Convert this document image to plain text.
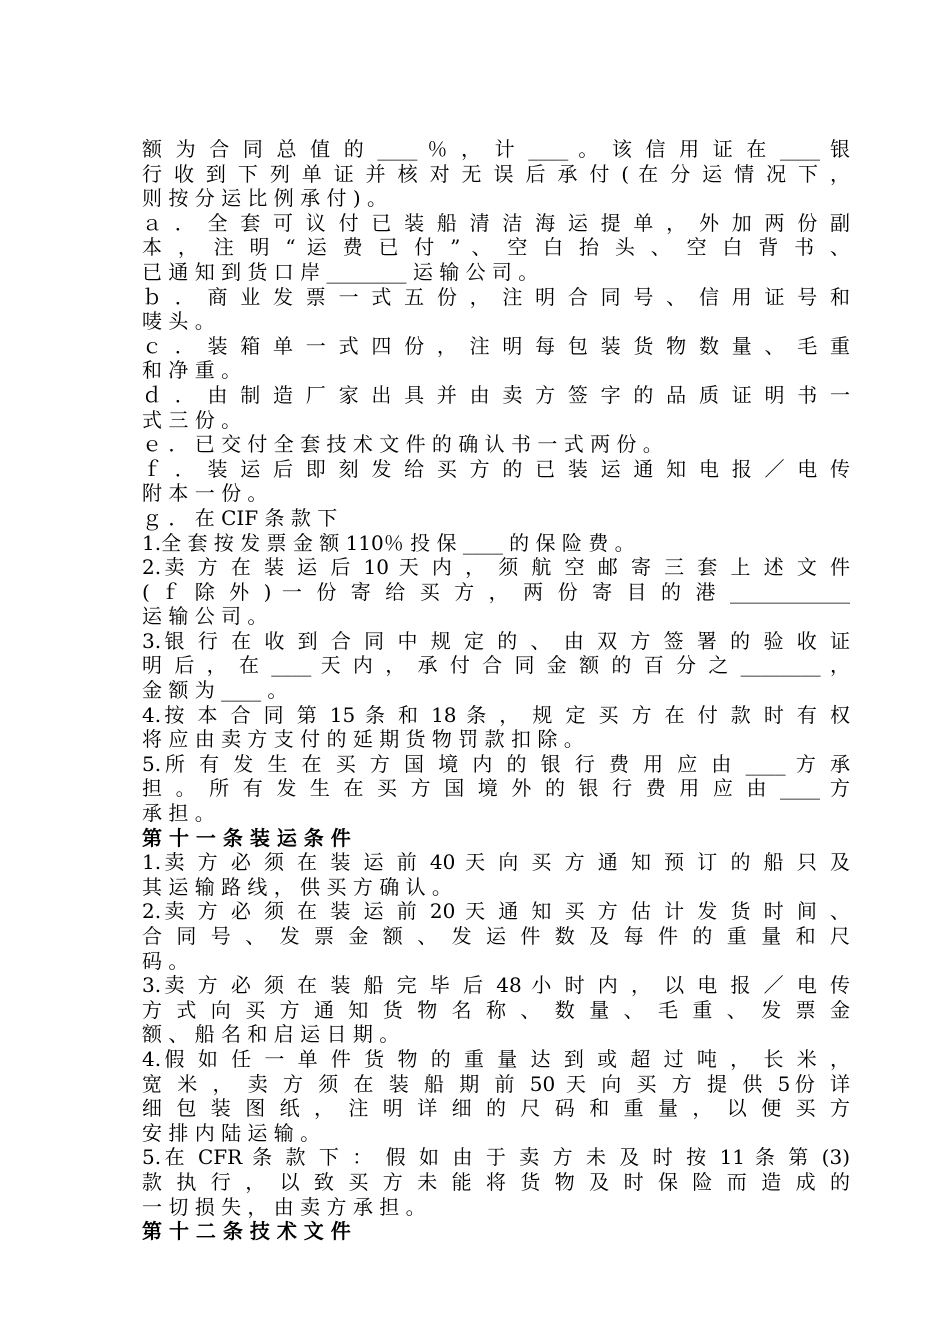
额 为 合 同 总 值 的 ____ ％ ， 计 ____ 。 该 信 用 证 在 ____ 银
行 收 到 下 列 单 证 并 核 对 无 误 后 承 付 ( 在 分 运 情 况 下 ，
则 按 分 运 比 例 承 付 ) 。
ａ ． 全 套 可 议 付 已 装 船 清 洁 海 运 提 单 ， 外 加 两 份 副
本 ， 注 明 “ 运 费 已 付 ” 、 空 白 抬 头 、 空 白 背 书 、
已 通 知 到 货 口 岸 ________ 运 输 公 司 。
ｂ ． 商 业 发 票 一 式 五 份 ， 注 明 合 同 号 、 信 用 证 号 和
唛 头 。
ｃ ． 装 箱 单 一 式 四 份 ， 注 明 每 包 装 货 物 数 量 、 毛 重
和 净 重 。
ｄ ． 由 制 造 厂 家 出 具 并 由 卖 方 签 字 的 品 质 证 明 书 一
式 三 份 。
ｅ ． 已 交 付 全 套 技 术 文 件 的 确 认 书 一 式 两 份 。
ｆ ． 装 运 后 即 刻 发 给 买 方 的 已 装 运 通 知 电 报 ／ 电 传
附 本 一 份 。
ｇ ． 在 CIF 条 款 下
1.全 套 按 发 票 金 额 110％ 投 保 ____ 的 保 险 费 。
2.卖 方 在 装 运 后 10 天 内 ， 须 航 空 邮 寄 三 套 上 述 文 件
( ｆ 除 外 ) 一 份 寄 给 买 方 ， 两 份 寄 目 的 港 ____________
运 输 公 司 。
3.银 行 在 收 到 合 同 中 规 定 的 、 由 双 方 签 署 的 验 收 证
明 后 ， 在 ____ 天 内 ， 承 付 合 同 金 额 的 百 分 之 ________ ，
金 额 为 ____ 。
4.按 本 合 同 第 15 条 和 18 条 ， 规 定 买 方 在 付 款 时 有 权
将 应 由 卖 方 支 付 的 延 期 货 物 罚 款 扣 除 。
5.所 有 发 生 在 买 方 国 境 内 的 银 行 费 用 应 由 ____ 方 承
担 。 所 有 发 生 在 买 方 国 境 外 的 银 行 费 用 应 由 ____ 方
承 担 。
第 十 一 条 装 运 条 件
1.卖 方 必 须 在 装 运 前 40 天 向 买 方 通 知 预 订 的 船 只 及
其 运 输 路 线 ， 供 买 方 确 认 。
2.卖 方 必 须 在 装 运 前 20 天 通 知 买 方 估 计 发 货 时 间 、
合 同 号 、 发 票 金 额 、 发 运 件 数 及 每 件 的 重 量 和 尺
码 。
3.卖 方 必 须 在 装 船 完 毕 后 48 小 时 内 ， 以 电 报 ／ 电 传
方 式 向 买 方 通 知 货 物 名 称 、 数 量 、 毛 重 、 发 票 金
额 、 船 名 和 启 运 日 期 。
4.假 如 任 一 单 件 货 物 的 重 量 达 到 或 超 过 吨 ， 长 米 ，
宽 米 ， 卖 方 须 在 装 船 期 前 50 天 向 买 方 提 供 5份 详
细 包 装 图 纸 ， 注 明 详 细 的 尺 码 和 重 量 ， 以 便 买 方
安 排 内 陆 运 输 。
5.在 CFR 条 款 下 ： 假 如 由 于 卖 方 未 及 时 按 11 条 第 (3)
款 执 行 ， 以 致 买 方 未 能 将 货 物 及 时 保 险 而 造 成 的
一 切 损 失 ， 由 卖 方 承 担 。
第 十 二 条 技 术 文 件
